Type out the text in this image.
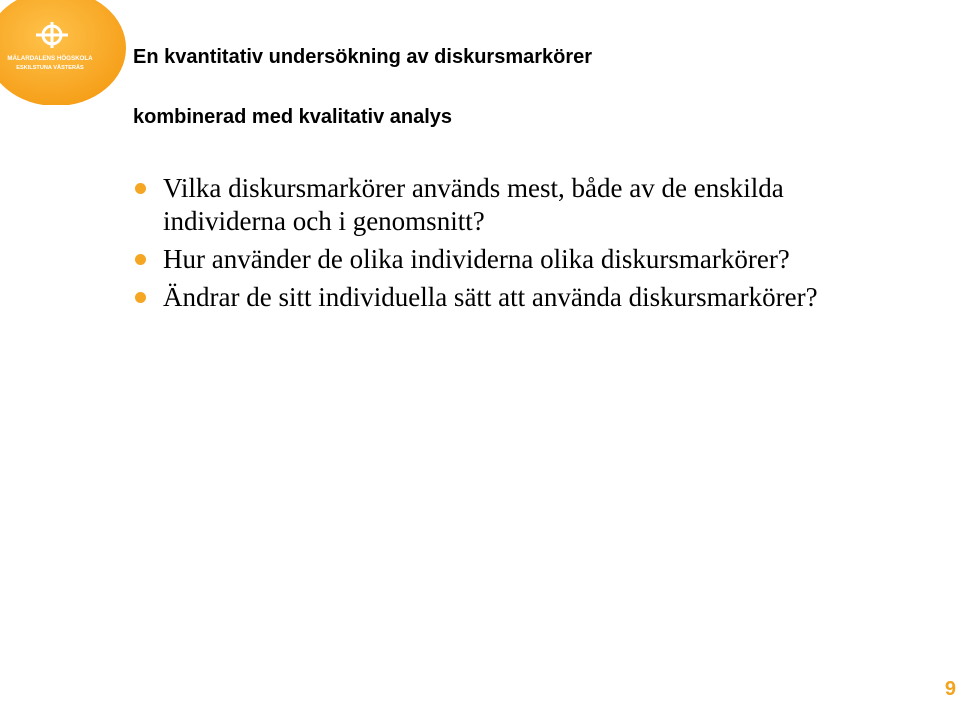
MÄLARDALENS HÖGSKOLA
ESKILSTUNA VÄSTERÅS En kvantitativ undersökning av diskursmarkörer
kombinerad med kvalitativ analys
Vilka diskursmarkörer används mest, både av de enskilda individerna och i genomsnitt?
Hur använder de olika individerna olika diskursmarkörer?
Ändrar de sitt individuella sätt att använda diskursmarkörer?
9
